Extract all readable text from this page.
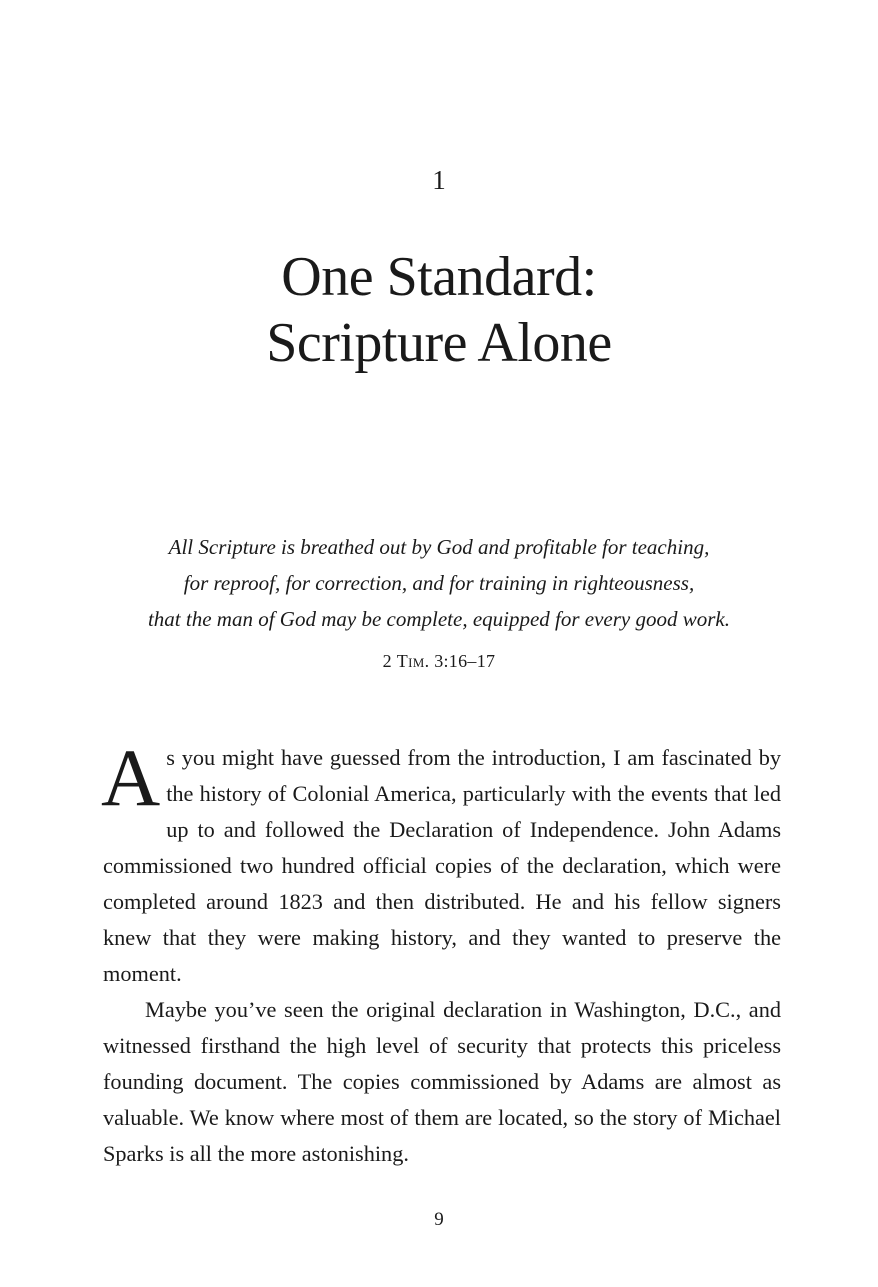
1
One Standard:
Scripture Alone
All Scripture is breathed out by God and profitable for teaching,
for reproof, for correction, and for training in righteousness,
that the man of God may be complete, equipped for every good work.
2 Tim. 3:16–17

As you might have guessed from the introduction, I am fascinated by the history of Colonial America, particularly with the events that led up to and followed the Declaration of Independence. John Adams commissioned two hundred official copies of the declaration, which were completed around 1823 and then distributed. He and his fellow signers knew that they were making history, and they wanted to preserve the moment.

Maybe you’ve seen the original declaration in Washington, D.C., and witnessed firsthand the high level of security that protects this priceless founding document. The copies commissioned by Adams are almost as valuable. We know where most of them are located, so the story of Michael Sparks is all the more astonishing.

9
